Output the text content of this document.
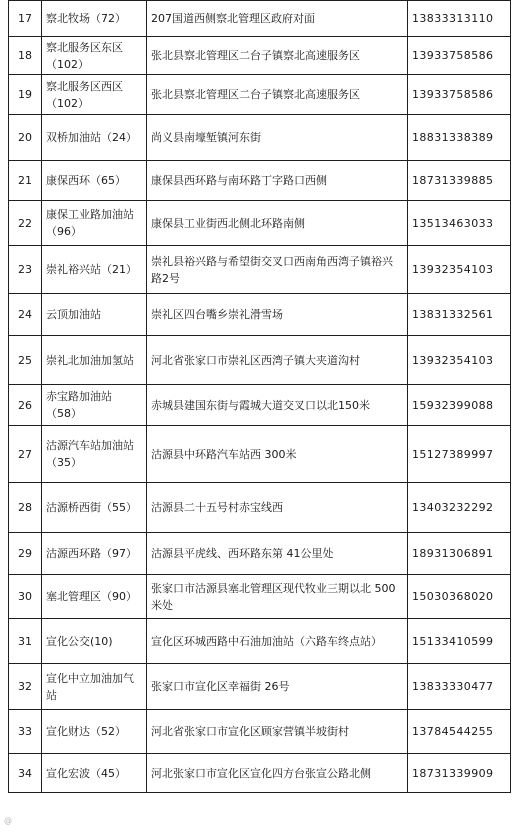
17	察北牧场（72）	207国道西侧察北管理区政府对面	13833313110
18	察北服务区东区（102）	张北县察北管理区二台子镇察北高速服务区	13933758586
19	察北服务区西区（102）	张北县察北管理区二台子镇察北高速服务区	13933758586
20	双桥加油站（24）	尚义县南壕堑镇河东街	18831338389
21	康保西环（65）	康保县西环路与南环路丁字路口西侧	18731339885
22	康保工业路加油站（96）	康保县工业街西北侧北环路南侧	13513463033
23	崇礼裕兴站（21）	崇礼县裕兴路与希望街交叉口西南角西湾子镇裕兴路2号	13932354103
24	云顶加油站	崇礼区四台嘴乡崇礼滑雪场	13831332561
25	崇礼北加油加氢站	河北省张家口市崇礼区西湾子镇大夹道沟村	13932354103
26	赤宝路加油站（58）	赤城县建国东街与霞城大道交叉口以北150米	15932399088
27	沽源汽车站加油站（35）	沽源县中环路汽车站西 300米	15127389997
28	沽源桥西街（55）	沽源县二十五号村赤宝线西	13403232292
29	沽源西环路（97）	沽源县平虎线、西环路东第 41公里处	18931306891
30	塞北管理区（90）	张家口市沽源县塞北管理区现代牧业三期以北 500米处	15030368020
31	宣化公交(10)	宣化区环城西路中石油加油站（六路车终点站）	15133410599
32	宣化中立加油加气站	张家口市宣化区幸福街 26号	13833330477
33	宣化财达（52）	河北省张家口市宣化区顾家营镇半坡街村	13784544255
34	宣化宏波（45）	河北张家口市宣化区宣化四方台张宣公路北侧	18731339909
@
